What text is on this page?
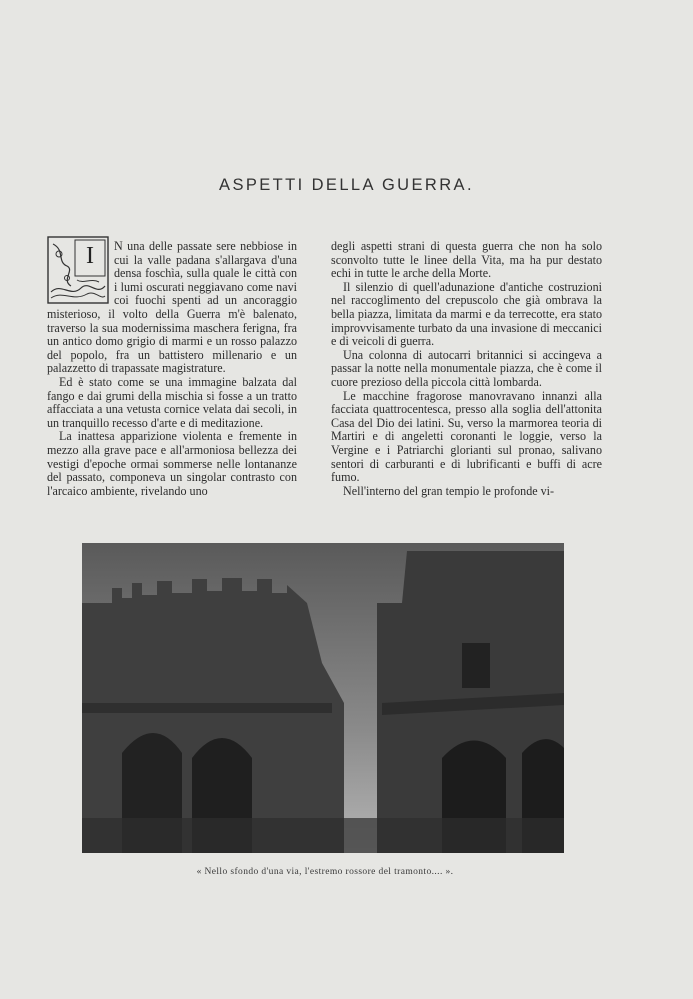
ASPETTI DELLA GUERRA.

I	N una delle passate sere nebbiose in cui la valle padana s'allargava d'una densa foschìa, sulla quale le città con i lumi oscurati neggiavano come navi coi fuochi spenti ad un ancoraggio misterioso, il volto della Guerra m'è balenato, traverso la sua modernissima maschera ferigna, fra un antico domo grigio di marmi e un rosso palazzo del popolo, fra un battistero millenario e un palazzetto di trapassate magistrature.

Ed è stato come se una immagine balzata dal fango e dai grumi della mischia si fosse a un tratto affacciata a una vetusta cornice velata dai secoli, in un tranquillo recesso d'arte e di meditazione.

La inattesa apparizione violenta e fremente in mezzo alla grave pace e all'armoniosa bellezza dei vestigi d'epoche ormai sommerse nelle lontananze del passato, componeva un singolar contrasto con l'arcaico ambiente, rivelando uno

degli aspetti strani di questa guerra che non ha solo sconvolto tutte le linee della Vita, ma ha pur destato echi in tutte le arche della Morte.

Il silenzio di quell'adunazione d'antiche costruzioni nel raccoglimento del crepuscolo che già ombrava la bella piazza, limitata da marmi e da terrecotte, era stato improvvisamente turbato da una invasione di meccanici e di veicoli di guerra.

Una colonna di autocarri britannici si accingeva a passar la notte nella monumentale piazza, che è come il cuore prezioso della piccola città lombarda.

Le macchine fragorose manovravano innanzi alla facciata quattrocentesca, presso alla soglia dell'attonita Casa del Dio dei latini. Su, verso la marmorea teoria di Martiri e di angeletti coronanti le loggie, verso la Vergine e i Patriarchi glorianti sul pronao, salivano sentori di carburanti e di lubrificanti e buffi di acre fumo.

Nell'interno del gran tempio le profonde vi-

« Nello sfondo d'una via, l'estremo rossore del tramonto.... ».
